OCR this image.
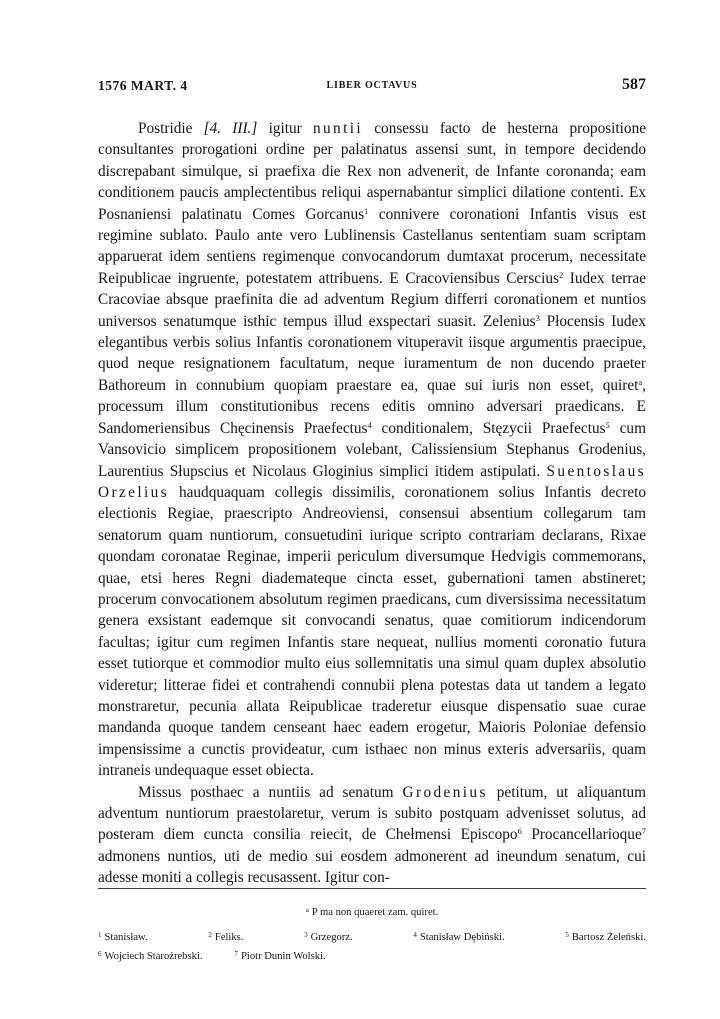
1576 MART. 4	LIBER OCTAVUS	587

Postridie [4. III.] igitur nuntii consessu facto de hesterna propositione consultantes prorogationi ordine per palatinatus assensi sunt, in tempore decidendo discrepabant simulque, si praefixa die Rex non advenerit, de Infante coronanda; eam conditionem paucis amplectentibus reliqui aspernabantur simplici dilatione contenti. Ex Posnaniensi palatinatu Comes Gorcanus$^1$ connivere coronationi Infantis visus est regimine sublato. Paulo ante vero Lublinensis Castellanus sententiam suam scriptam apparuerat idem sentiens regimenque convocandorum dumtaxat procerum, necessitate Reipublicae ingruente, potestatem attribuens. E Cracoviensibus Cerscius$^2$ Iudex terrae Cracoviae absque praefinita die ad adventum Regium differri coronationem et nuntios universos senatumque isthic tempus illud exspectari suasit. Zelenius$^3$ Płocensis Iudex elegantibus verbis solius Infantis coronationem vituperavit iisque argumentis praecipue, quod neque resignationem facultatum, neque iuramentum de non ducendo praeter Bathoreum in connubium quopiam praestare ea, quae sui iuris non esset, quiret$^a$, processum illum constitutionibus recens editis omnino adversari praedicans. E Sandomeriensibus Chęcinensis Praefectus$^4$ conditionalem, Stęzycii Praefectus$^5$ cum Vansovicio simplicem propositionem volebant, Calissiensium Stephanus Grodenius, Laurentius Słupscius et Nicolaus Gloginius simplici itidem astipulati. Suentoslaus Orzelius haudquaquam collegis dissimilis, coronationem solius Infantis decreto electionis Regiae, praescripto Andreoviensi, consensui absentium collegarum tam senatorum quam nuntiorum, consuetudini iurique scripto contrariam declarans, Rixae quondam coronatae Reginae, imperii periculum diversumque Hedvigis commemorans, quae, etsi heres Regni diademateque cincta esset, gubernationi tamen abstineret; procerum convocationem absolutum regimen praedicans, cum diversissima necessitatum genera exsistant eademque sit convocandi senatus, quae comitiorum indicendorum facultas; igitur cum regimen Infantis stare nequeat, nullius momenti coronatio futura esset tutiorque et commodior multo eius sollemnitatis una simul quam duplex absolutio videretur; litterae fidei et contrahendi connubii plena potestas data ut tandem a legato monstraretur, pecunia allata Reipublicae traderetur eiusque dispensatio suae curae mandanda quoque tandem censeant haec eadem erogetur, Maioris Poloniae defensio impensissime a cunctis provideatur, cum isthaec non minus exteris adversariis, quam intraneis undequaque esset obiecta.

Missus posthaec a nuntiis ad senatum Grodenius petitum, ut aliquantum adventum nuntiorum praestolaretur, verum is subito postquam advenisset solutus, ad posteram diem cuncta consilia reiecit, de Chełmensi Episcopo$^6$ Procancellarioque$^7$ admonens nuntios, uti de medio sui eosdem admonerent ad ineundum senatum, cui adesse moniti a collegis recusassent. Igitur con-

$^a$ P ma non quaeret zam. quiret.
$^1$ Stanisław.	$^2$ Feliks.	$^3$ Grzegorz.	$^4$ Stanisław Dębiński.	$^5$ Bartosz Żeleński.
$^6$ Wojciech Starożrebski.	$^7$ Piotr Dunin Wolski.
